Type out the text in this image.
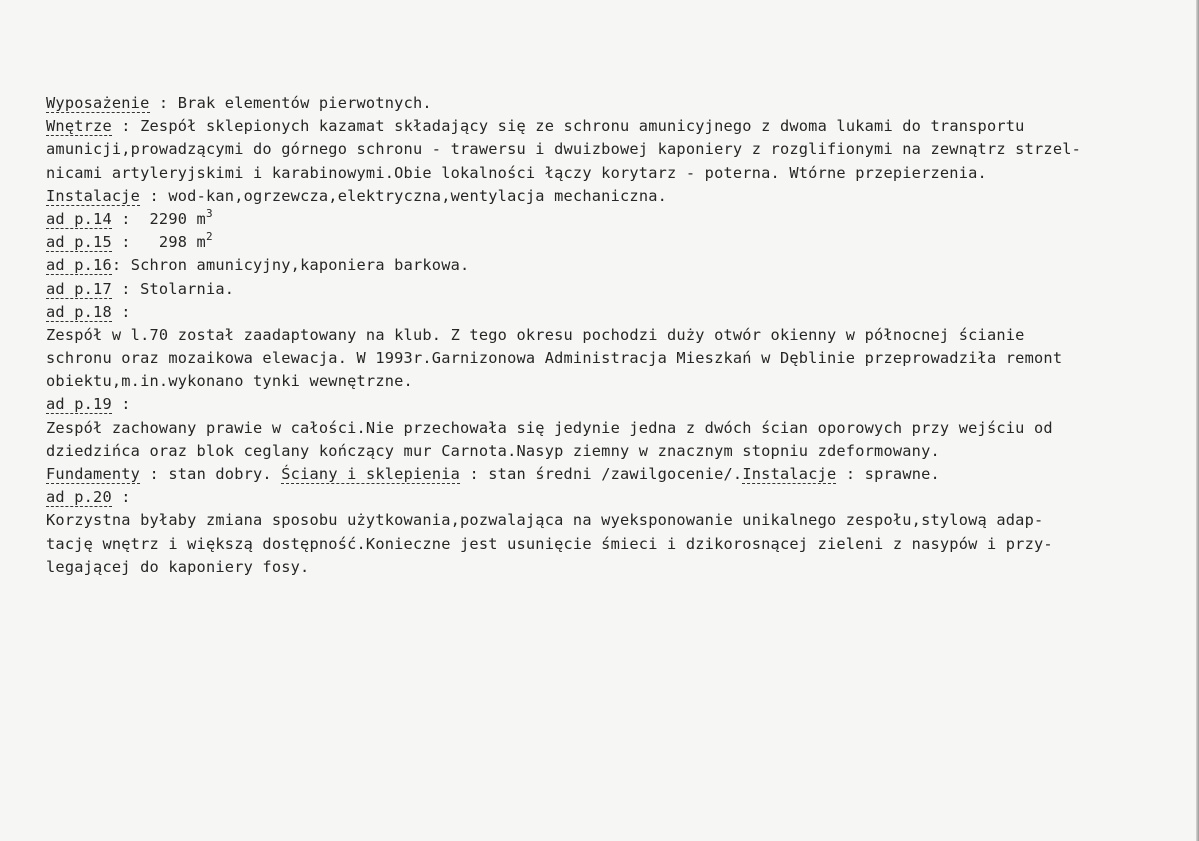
Wyposażenie : Brak elementów pierwotnych.
Wnętrze : Zespół sklepionych kazamat składający się ze schronu amunicyjnego z dwoma lukami do transportu
amunicji,prowadzącymi do górnego schronu - trawersu i dwuizbowej kaponiery z rozglifionymi na zewnątrz strzel-
nicami artyleryjskimi i karabinowymi.Obie lokalności łączy korytarz - poterna. Wtórne przepierzenia.
Instalacje : wod-kan,ogrzewcza,elektryczna,wentylacja mechaniczna.
ad p.14 :  2290 $m^3$
ad p.15 :   298 $m^2$
ad p.16: Schron amunicyjny,kaponiera barkowa.
ad p.17 : Stolarnia.
ad p.18 :
Zespół w l.70 został zaadaptowany na klub. Z tego okresu pochodzi duży otwór okienny w północnej ścianie
schronu oraz mozaikowa elewacja. W 1993r.Garnizonowa Administracja Mieszkań w Dęblinie przeprowadziła remont
obiektu,m.in.wykonano tynki wewnętrzne.
ad p.19 :
Zespół zachowany prawie w całości.Nie przechowała się jedynie jedna z dwóch ścian oporowych przy wejściu od
dziedzińca oraz blok ceglany kończący mur Carnota.Nasyp ziemny w znacznym stopniu zdeformowany.
Fundamenty : stan dobry. Ściany i sklepienia : stan średni /zawilgocenie/.Instalacje : sprawne.
ad p.20 :
Korzystna byłaby zmiana sposobu użytkowania,pozwalająca na wyeksponowanie unikalnego zespołu,stylową adap-
tację wnętrz i większą dostępność.Konieczne jest usunięcie śmieci i dzikorosnącej zieleni z nasypów i przy-
legającej do kaponiery fosy.
